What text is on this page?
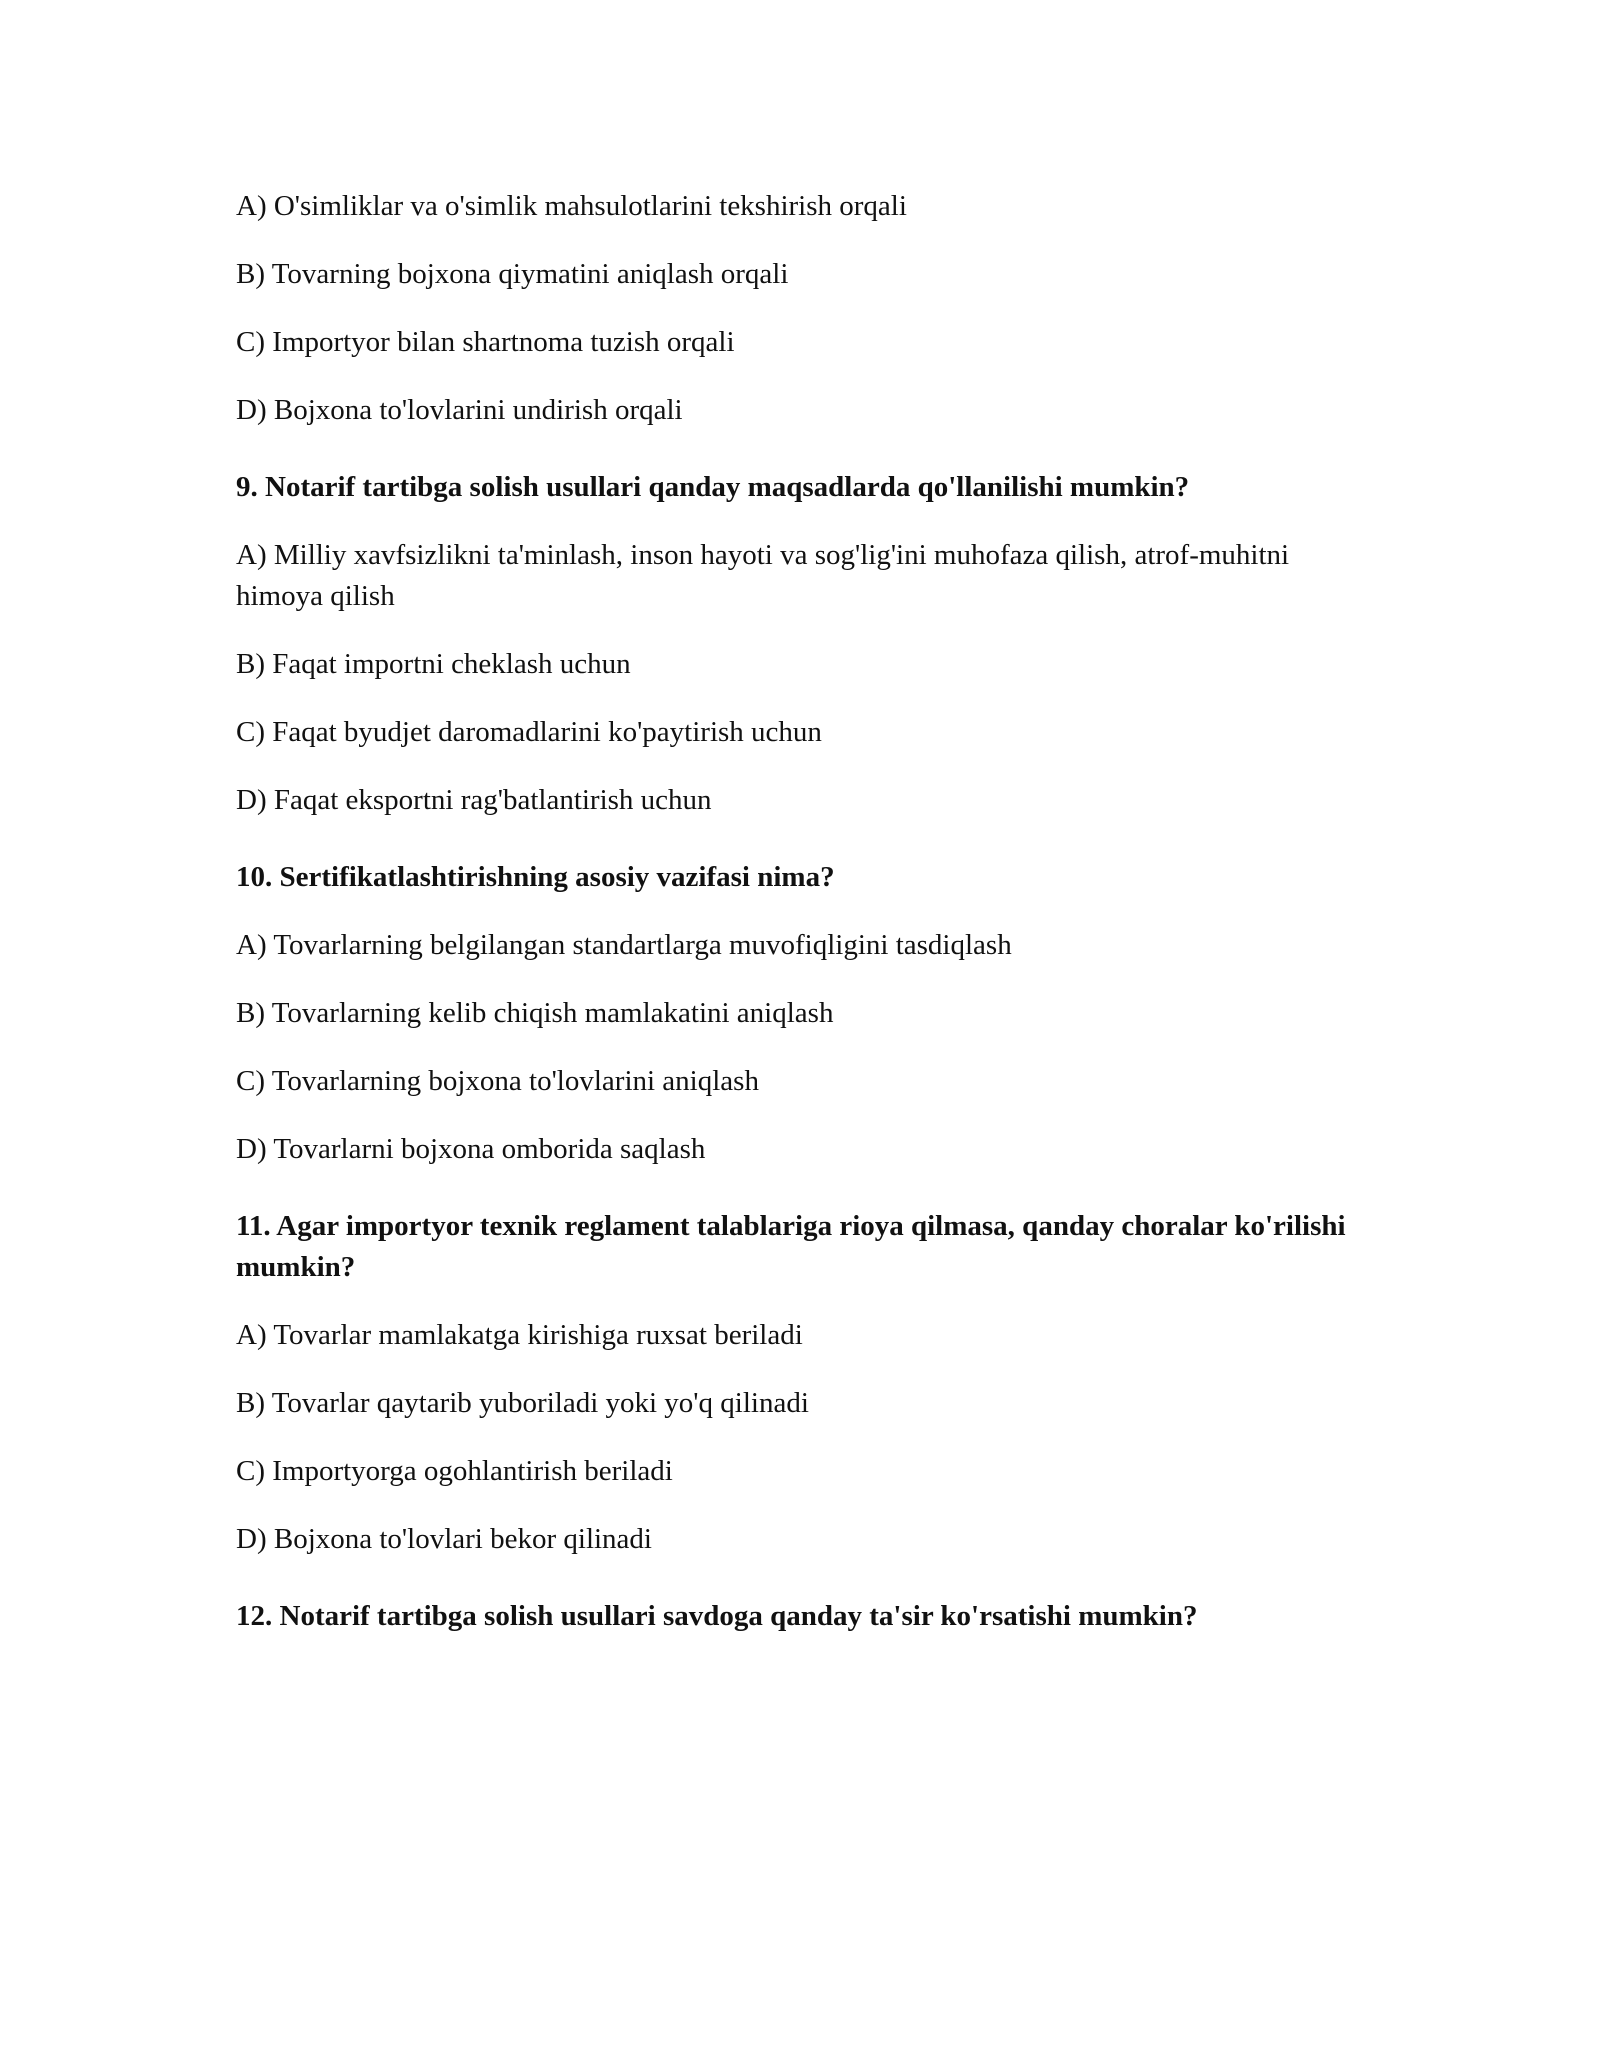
A) O'simliklar va o'simlik mahsulotlarini tekshirish orqali
B) Tovarning bojxona qiymatini aniqlash orqali
C) Importyor bilan shartnoma tuzish orqali
D) Bojxona to'lovlarini undirish orqali
9. Notarif tartibga solish usullari qanday maqsadlarda qo'llanilishi mumkin?
A) Milliy xavfsizlikni ta'minlash, inson hayoti va sog'lig'ini muhofaza qilish, atrof-muhitni himoya qilish
B) Faqat importni cheklash uchun
C) Faqat byudjet daromadlarini ko'paytirish uchun
D) Faqat eksportni rag'batlantirish uchun
10. Sertifikatlashtirishning asosiy vazifasi nima?
A) Tovarlarning belgilangan standartlarga muvofiqligini tasdiqlash
B) Tovarlarning kelib chiqish mamlakatini aniqlash
C) Tovarlarning bojxona to'lovlarini aniqlash
D) Tovarlarni bojxona omborida saqlash
11. Agar importyor texnik reglament talablariga rioya qilmasa, qanday choralar ko'rilishi mumkin?
A) Tovarlar mamlakatga kirishiga ruxsat beriladi
B) Tovarlar qaytarib yuboriladi yoki yo'q qilinadi
C) Importyorga ogohlantirish beriladi
D) Bojxona to'lovlari bekor qilinadi
12. Notarif tartibga solish usullari savdoga qanday ta'sir ko'rsatishi mumkin?
